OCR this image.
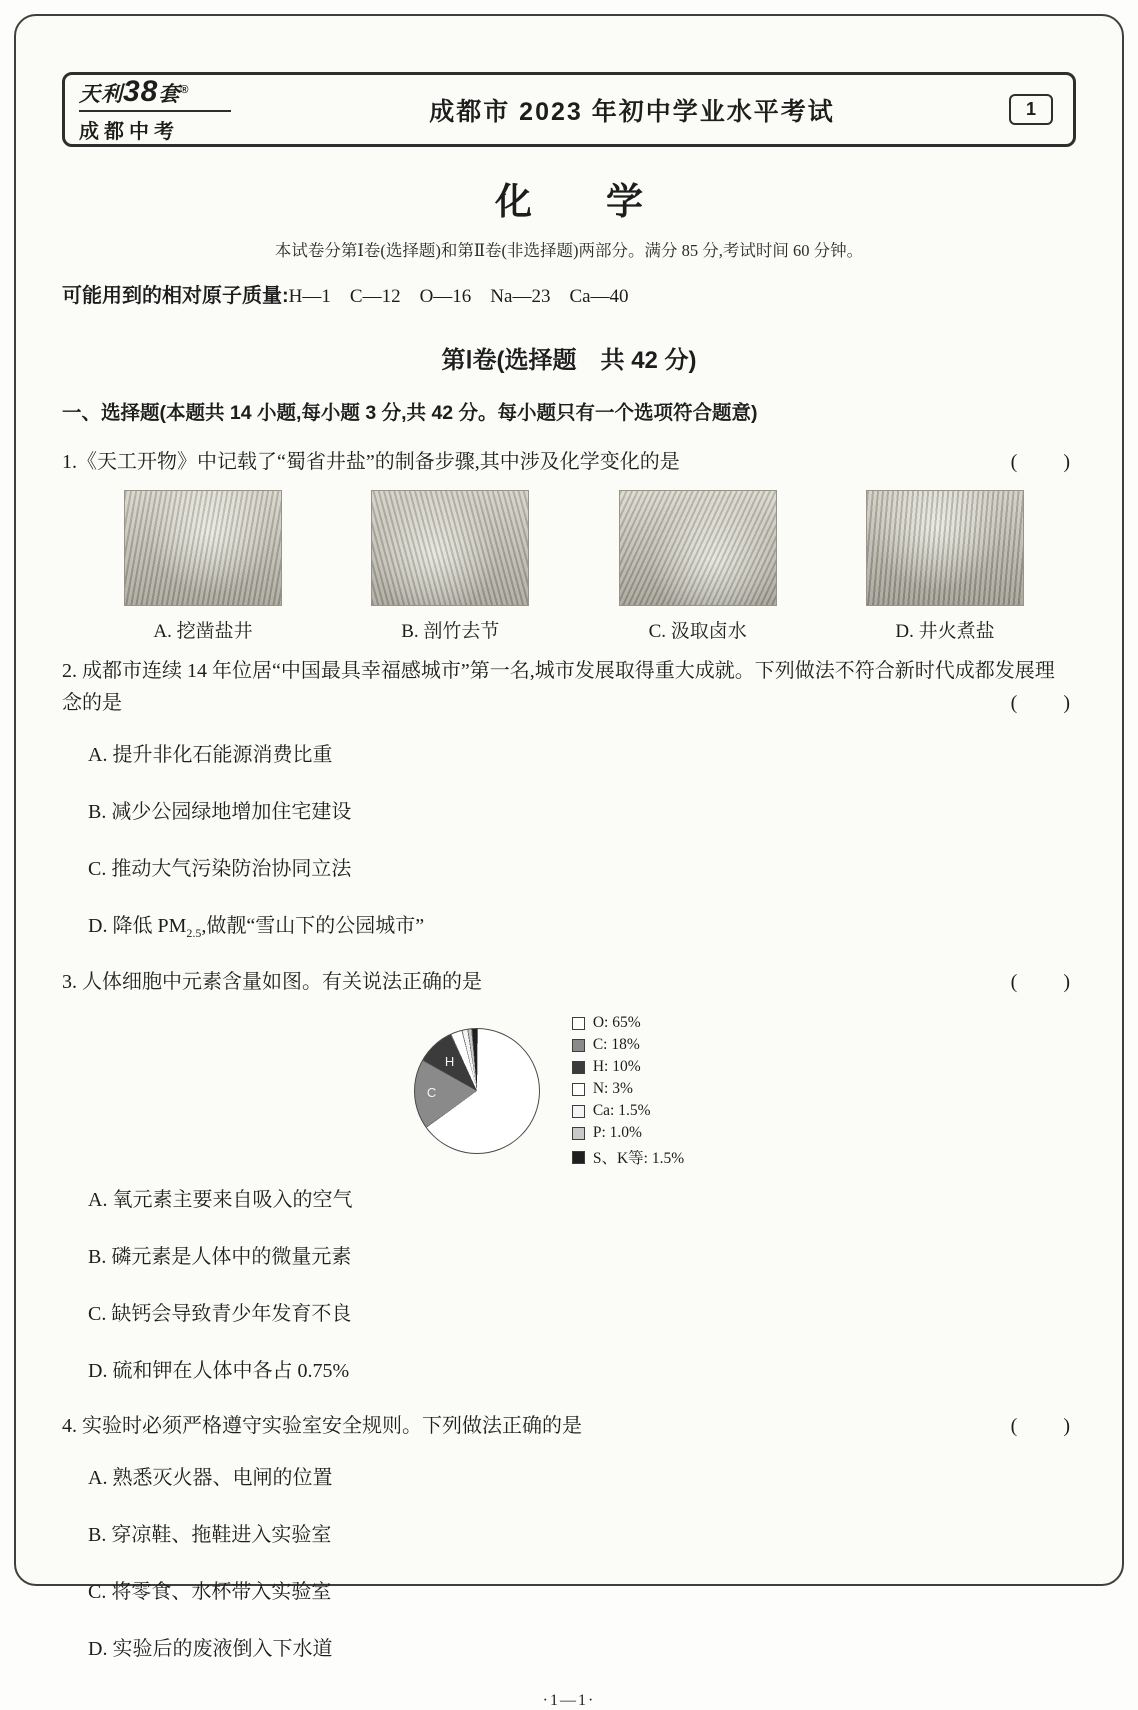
天利38套®
成都中考
成都市 2023 年初中学业水平考试	1
化　　学

本试卷分第Ⅰ卷(选择题)和第Ⅱ卷(非选择题)两部分。满分 85 分,考试时间 60 分钟。

可能用到的相对原子质量:H—1　C—12　O—16　Na—23　Ca—40

第Ⅰ卷(选择题　共 42 分)

一、选择题(本题共 14 小题,每小题 3 分,共 42 分。每小题只有一个选项符合题意)

1.《天工开物》中记载了“蜀省井盐”的制备步骤,其中涉及化学变化的是	(　　)
A. 挖凿盐井	B. 剖竹去节	C. 汲取卤水	D. 井火煮盐
2. 成都市连续 14 年位居“中国最具幸福感城市”第一名,城市发展取得重大成就。下列做法不符合新时代成都发展理念的是	(　　)

A. 提升非化石能源消费比重

B. 减少公园绿地增加住宅建设

C. 推动大气污染防治协同立法

D. 降低 $PM_{2.5}$,做靓“雪山下的公园城市”

3. 人体细胞中元素含量如图。有关说法正确的是	(　　)
H
C
O: 65%
C: 18%
H: 10%
N: 3%
Ca: 1.5%
P: 1.0%
S、K等: 1.5%

A. 氧元素主要来自吸入的空气

B. 磷元素是人体中的微量元素

C. 缺钙会导致青少年发育不良

D. 硫和钾在人体中各占 0.75%

4. 实验时必须严格遵守实验室安全规则。下列做法正确的是	(　　)

A. 熟悉灭火器、电闸的位置

B. 穿凉鞋、拖鞋进入实验室

C. 将零食、水杯带入实验室

D. 实验后的废液倒入下水道

·1—1·
